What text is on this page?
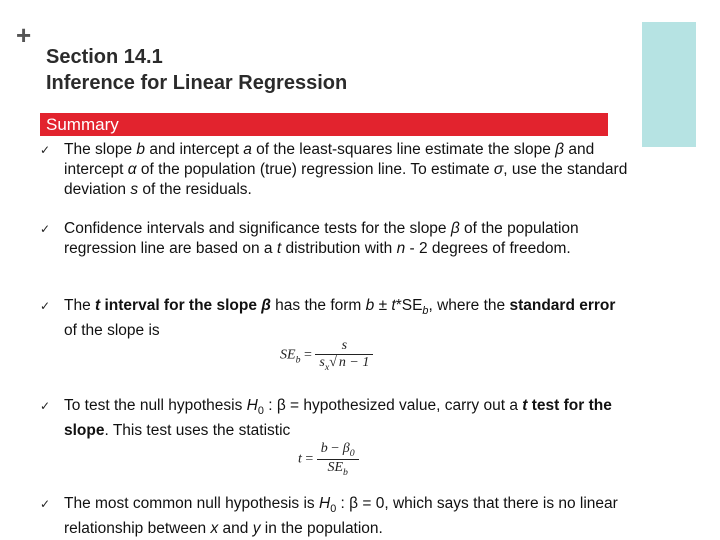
+
Section 14.1
Inference for Linear Regression
Summary
✓ The slope b and intercept a of the least-squares line estimate the slope β and intercept α of the population (true) regression line. To estimate σ, use the standard deviation s of the residuals.
✓ Confidence intervals and significance tests for the slope β of the population regression line are based on a t distribution with n - 2 degrees of freedom.
✓ The t interval for the slope β has the form $b \pm t*SE_b$, where the standard error of the slope is
$SE_b = \frac{s}{s_x√ n - 1}$
✓ To test the null hypothesis $H_0$ : β = hypothesized value, carry out a t test for the slope. This test uses the statistic
$t = \frac{b - \beta_0}{SE_b}$
✓ The most common null hypothesis is $H_0$ : β = 0, which says that there is no linear relationship between x and y in the population.
